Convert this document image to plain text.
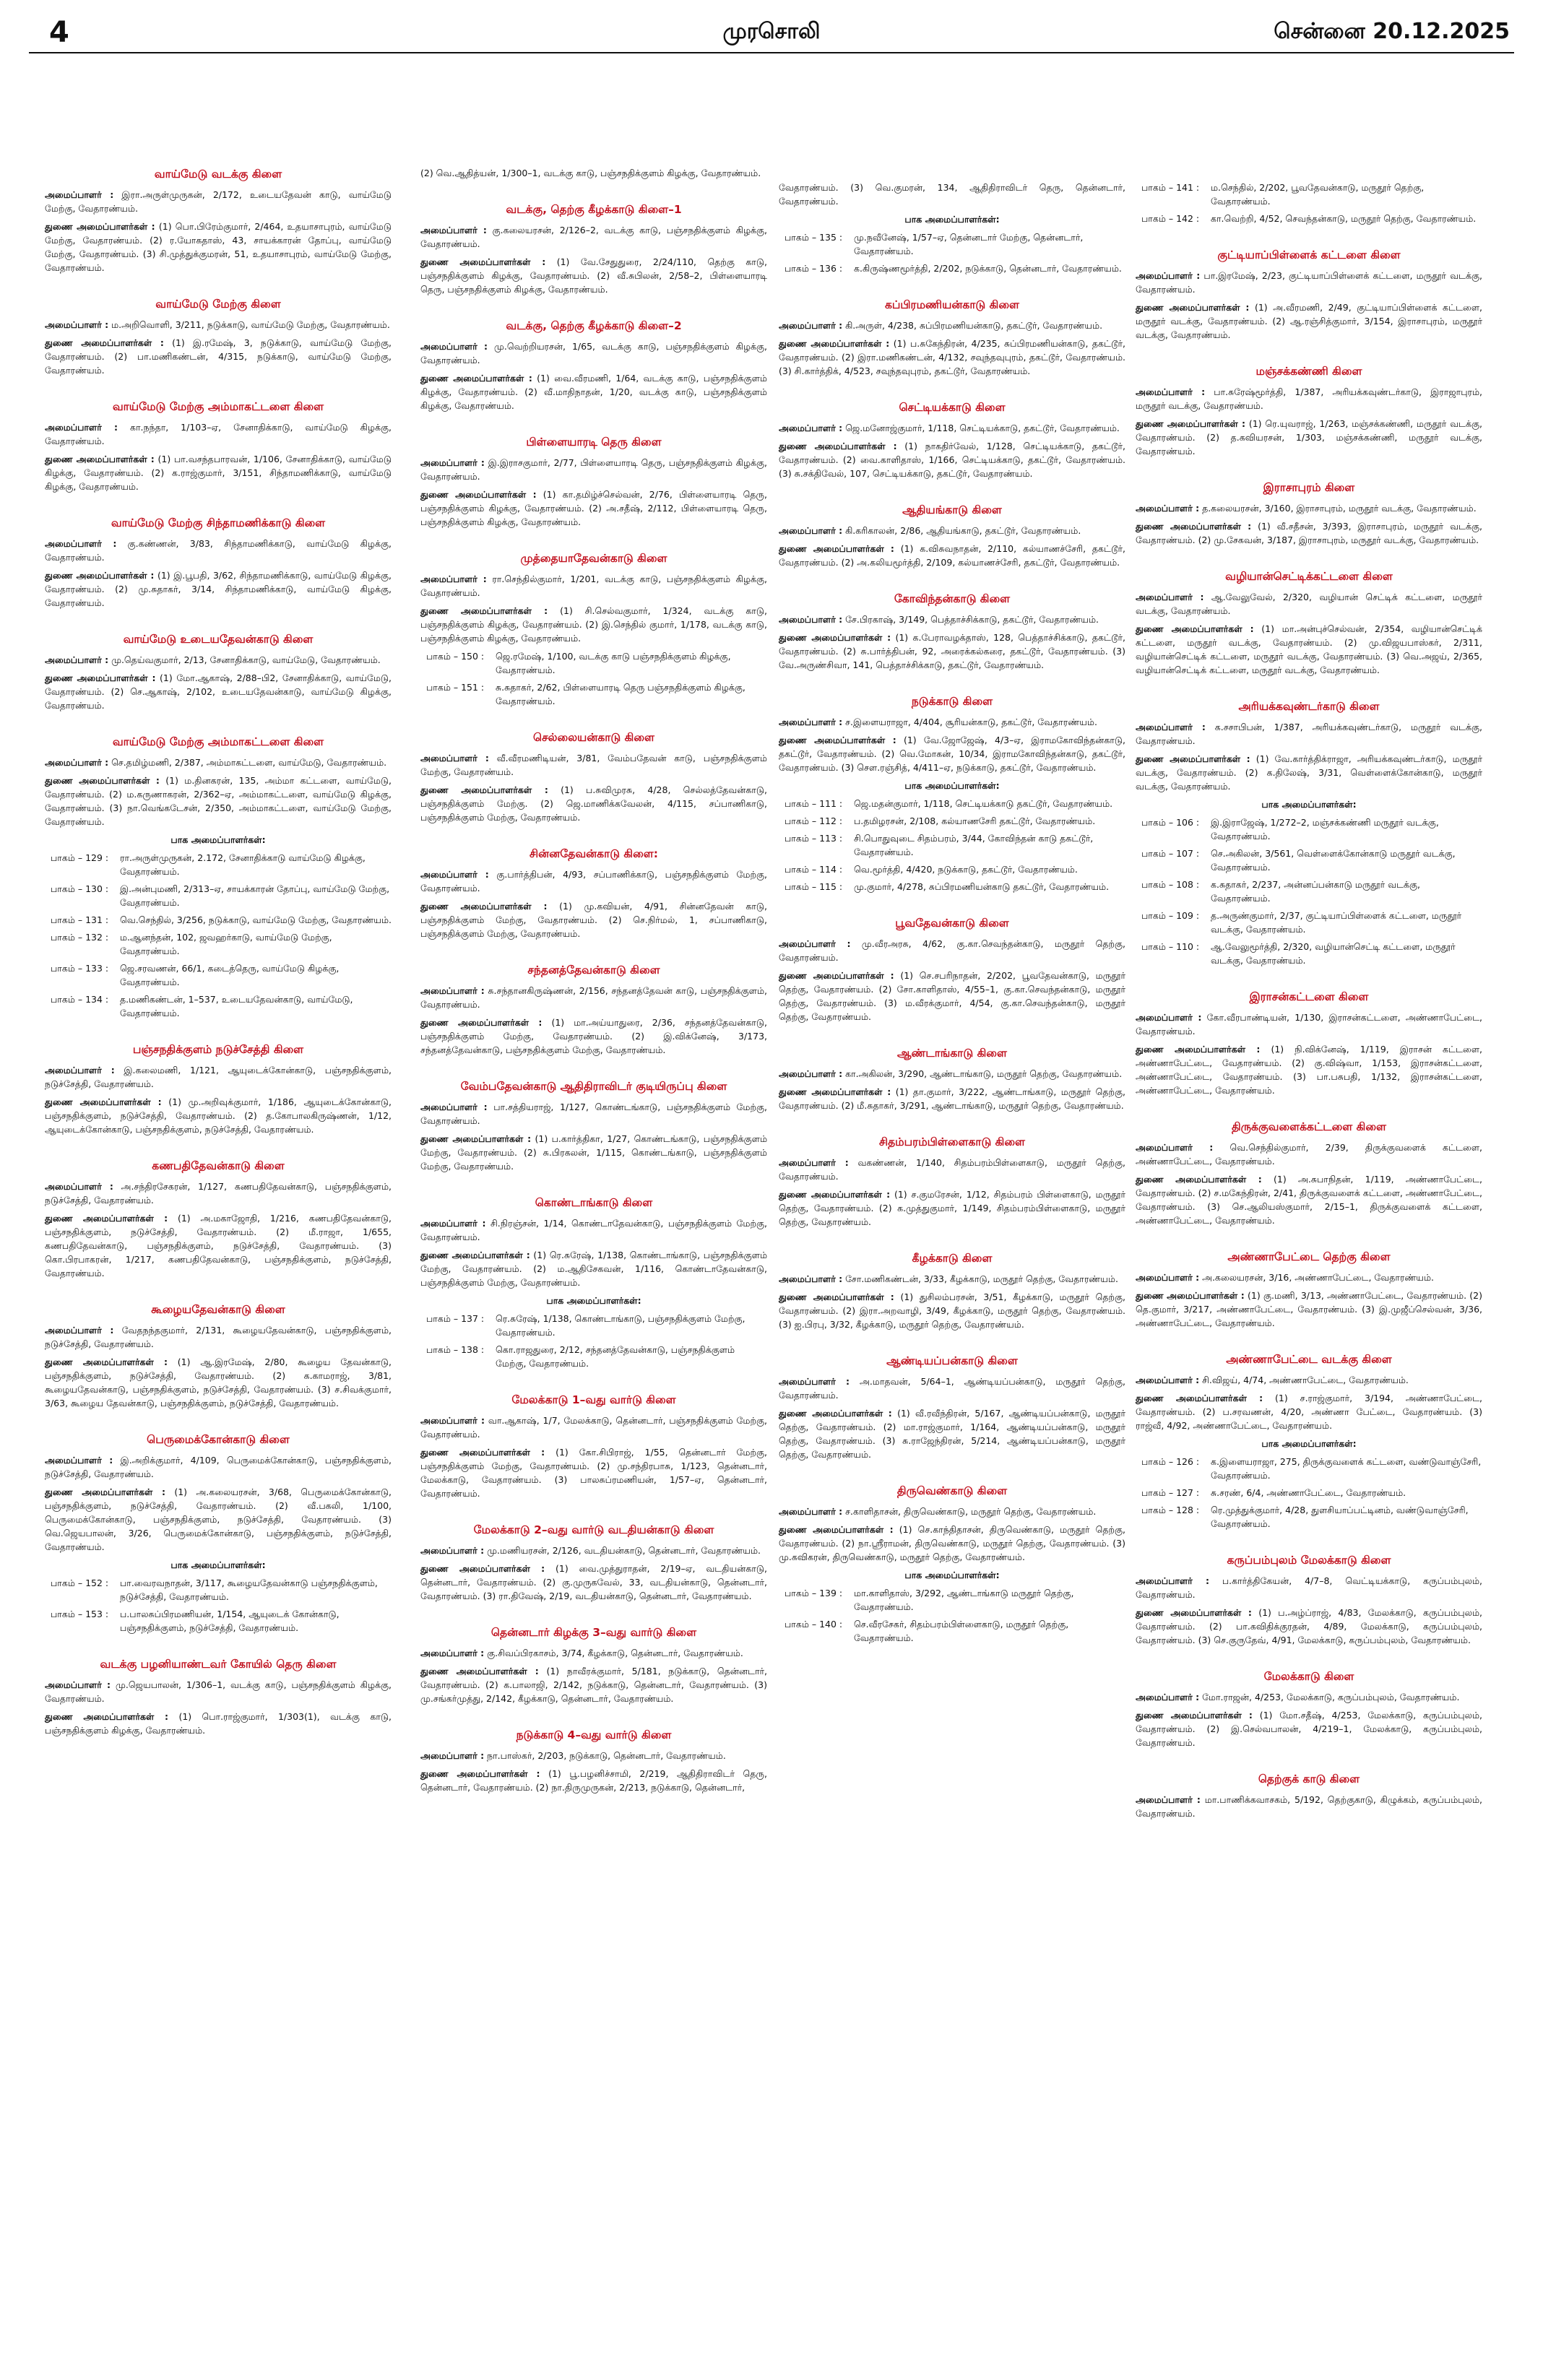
4	முரசொலி	சென்னை 20.12.2025
வாய்மேடு வடக்கு கிளை

அமைப்பாளர் : இரா.அருள்முருகன், 2/172, உடையதேவன் காடு, வாய்மேடு மேற்கு, வேதாரண்யம்.

துணை அமைப்பாளர்கள் : (1) பொ.பிரேம்குமார், 2/464, உதயாசாபுரம், வாய்மேடு மேற்கு, வேதாரண்யம். (2) ர.யோகதாஸ், 43, சாயக்காரன் தோப்பு, வாய்மேடு மேற்கு, வேதாரண்யம். (3) சி.முத்துக்குமரன், 51, உதயாசாபுரம், வாய்மேடு மேற்கு, வேதாரண்யம்.

வாய்மேடு மேற்கு கிளை

அமைப்பாளர் : ம.அறிவொளி, 3/211, நடுக்காடு, வாய்மேடு மேற்கு, வேதாரண்யம்.

துணை அமைப்பாளர்கள் : (1) இ.ரமேஷ், 3, நடுக்காடு, வாய்மேடு மேற்கு, வேதாரண்யம். (2) பா.மணிகண்டன், 4/315, நடுக்காடு, வாய்மேடு மேற்கு, வேதாரண்யம்.

வாய்மேடு மேற்கு அம்மாகட்டளை கிளை

அமைப்பாளர் : கா.நந்தா, 1/103–ஏ, சேனாதிக்காடு, வாய்மேடு கிழக்கு, வேதாரண்யம்.

துணை அமைப்பாளர்கள் : (1) பா.வசந்தபாரவன், 1/106, சேனாதிக்காடு, வாய்மேடு கிழக்கு, வேதாரண்யம். (2) க.ராஜ்குமார், 3/151, சிந்தாமணிக்காடு, வாய்மேடு கிழக்கு, வேதாரண்யம்.

வாய்மேடு மேற்கு சிந்தாமணிக்காடு கிளை

அமைப்பாளர் : கு.கண்ணன், 3/83, சிந்தாமணிக்காடு, வாய்மேடு கிழக்கு, வேதாரண்யம்.

துணை அமைப்பாளர்கள் : (1) இ.பூபதி, 3/62, சிந்தாமணிக்காடு, வாய்மேடு கிழக்கு, வேதாரண்யம். (2) மு.சுதாகர், 3/14, சிந்தாமணிக்காடு, வாய்மேடு கிழக்கு, வேதாரண்யம்.

வாய்மேடு உடையதேவன்காடு கிளை

அமைப்பாளர் : மு.தெய்வகுமார், 2/13, சேனாதிக்காடு, வாய்மேடு, வேதாரண்யம்.

துணை அமைப்பாளர்கள் : (1) மோ.ஆகாஷ், 2/88–பி2, சேனாதிக்காடு, வாய்மேடு, வேதாரண்யம். (2) செ.ஆகாஷ், 2/102, உடையதேவன்காடு, வாய்மேடு கிழக்கு, வேதாரண்யம்.

வாய்மேடு மேற்கு அம்மாகட்டளை கிளை

அமைப்பாளர் : செ.தமிழ்மணி, 2/387, அம்மாகட்டளை, வாய்மேடு, வேதாரண்யம்.

துணை அமைப்பாளர்கள் : (1) ம.தினகரன், 135, அம்மா கட்டளை, வாய்மேடு, வேதாரண்யம். (2) ம.கருணாகரன், 2/362–ஏ, அம்மாகட்டளை, வாய்மேடு கிழக்கு, வேதாரண்யம். (3) நா.வெங்கடேசன், 2/350, அம்மாகட்டளை, வாய்மேடு மேற்கு, வேதாரண்யம்.

பாக அமைப்பாளர்கள்:
பாகம் – 129 :	ரா.அருள்முருகன், 2.172, சேனாதிக்காடு வாய்மேடு கிழக்கு, வேதாரண்யம்.
பாகம் – 130 :	இ.அன்புமணி, 2/313–ஏ, சாயக்காரன் தோப்பு, வாய்மேடு மேற்கு, வேதாரண்யம்.
பாகம் – 131 :	வெ.செந்தில், 3/256, நடுக்காடு, வாய்மேடு மேற்கு, வேதாரண்யம்.
பாகம் – 132 :	ம.ஆனந்தன், 102, ஜவஹர்காடு, வாய்மேடு மேற்கு, வேதாரண்யம்.
பாகம் – 133 :	ஜெ.சரவணன், 66/1, கடைத்தெரு, வாய்மேடு கிழக்கு, வேதாரண்யம்.
பாகம் – 134 :	த.மணிகண்டன், 1–537, உடையதேவன்காடு, வாய்மேடு, வேதாரண்யம்.
பஞ்சநதிக்குளம் நடுச்சேத்தி கிளை

அமைப்பாளர் : இ.கலைமணி, 1/121, ஆயுடைக்கோன்காடு, பஞ்சநதிக்குளம், நடுச்சேத்தி, வேதாரண்யம்.

துணை அமைப்பாளர்கள் : (1) மு.அறிவுக்குமார், 1/186, ஆயுடைக்கோன்காடு, பஞ்சநதிக்குளம், நடுச்சேத்தி, வேதாரண்யம். (2) த.கோபாலகிருஷ்ணன், 1/12, ஆயுடைக்கோன்காடு, பஞ்சநதிக்குளம், நடுச்சேத்தி, வேதாரண்யம்.

கணபதிதேவன்காடு கிளை

அமைப்பாளர் : அ.சந்திரசேகரன், 1/127, கணபதிதேவன்காடு, பஞ்சநதிக்குளம், நடுச்சேத்தி, வேதாரண்யம்.

துணை அமைப்பாளர்கள் : (1) அ.மகாஜோதி, 1/216, கணபதிதேவன்காடு, பஞ்சநதிக்குளம், நடுச்சேத்தி, வேதாரண்யம். (2) மீ.ராஜா, 1/655, கணபதிதேவன்காடு, பஞ்சநதிக்குளம், நடுச்சேத்தி, வேதாரண்யம். (3) கொ.பிரபாகரன், 1/217, கணபதிதேவன்காடு, பஞ்சநதிக்குளம், நடுச்சேத்தி, வேதாரண்யம்.

கூழையதேவன்காடு கிளை

அமைப்பாளர் : வேதநந்தகுமார், 2/131, கூழையதேவன்காடு, பஞ்சநதிக்குளம், நடுச்சேத்தி, வேதாரண்யம்.

துணை அமைப்பாளர்கள் : (1) ஆ.இரமேஷ், 2/80, கூழைய தேவன்காடு, பஞ்சநதிக்குளம், நடுச்சேத்தி, வேதாரண்யம். (2) க.காமராஜ், 3/81, கூழையதேவன்காடு, பஞ்சநதிக்குளம், நடுச்சேத்தி, வேதாரண்யம். (3) ச.சிவக்குமார், 3/63, கூழைய தேவன்காடு, பஞ்சநதிக்குளம், நடுச்சேத்தி, வேதாரண்யம்.

பெருமைக்கோன்காடு கிளை

அமைப்பாளர் : இ.அறிக்குமார், 4/109, பெருமைக்கோன்காடு, பஞ்சநதிக்குளம், நடுச்சேத்தி, வேதாரண்யம்.

துணை அமைப்பாளர்கள் : (1) அ.கலையரசன், 3/68, பெருமைக்கோன்காடு, பஞ்சநதிக்குளம், நடுச்சேத்தி, வேதாரண்யம். (2) வீ.பகலி, 1/100, பெருமைக்கோன்காடு, பஞ்சநதிக்குளம், நடுச்சேத்தி, வேதாரண்யம். (3) வெ.ஜெயபாலன், 3/26, பெருமைக்கோன்காடு, பஞ்சநதிக்குளம், நடுச்சேத்தி, வேதாரண்யம்.

பாக அமைப்பாளர்கள்:
பாகம் – 152 :	பா.வைரவநாதன், 3/117, கூழையதேவன்காடு பஞ்சநதிக்குளம், நடுச்சேத்தி, வேதாரண்யம்.
பாகம் – 153 :	ப.பாலசுப்பிரமணியன், 1/154, ஆயுடைக் கோன்காடு, பஞ்சநதிக்குளம், நடுச்சேத்தி, வேதாரண்யம்.
வடக்கு பழனியாண்டவர் கோயில் தெரு கிளை

அமைப்பாளர் : மு.ஜெயபாலன், 1/306–1, வடக்கு காடு, பஞ்சநதிக்குளம் கிழக்கு, வேதாரண்யம்.

துணை அமைப்பாளர்கள் : (1) பொ.ராஜ்குமார், 1/303(1), வடக்கு காடு, பஞ்சநதிக்குளம் கிழக்கு, வேதாரண்யம்.

(2) வெ.ஆதித்யன், 1/300–1, வடக்கு காடு, பஞ்சநதிக்குளம் கிழக்கு, வேதாரண்யம்.

வடக்கு, தெற்கு கீழக்காடு கிளை–1

அமைப்பாளர் : கு.கலையரசன், 2/126–2, வடக்கு காடு, பஞ்சநதிக்குளம் கிழக்கு, வேதாரண்யம்.

துணை அமைப்பாளர்கள் : (1) வே.சேதுதுரை, 2/24/110, தெற்கு காடு, பஞ்சநதிக்குளம் கிழக்கு, வேதாரண்யம். (2) வீ.சுபிலன், 2/58–2, பிள்ளையாரடி தெரு, பஞ்சநதிக்குளம் கிழக்கு, வேதாரண்யம்.

வடக்கு, தெற்கு கீழக்காடு கிளை–2

அமைப்பாளர் : மு.வெற்றியரசன், 1/65, வடக்கு காடு, பஞ்சநதிக்குளம் கிழக்கு, வேதாரண்யம்.

துணை அமைப்பாளர்கள் : (1) வை.வீரமணி, 1/64, வடக்கு காடு, பஞ்சநதிக்குளம் கிழக்கு, வேதாரண்யம். (2) வீ.மாதிநாதன், 1/20, வடக்கு காடு, பஞ்சநதிக்குளம் கிழக்கு, வேதாரண்யம்.

பிள்ளையாரடி தெரு கிளை

அமைப்பாளர் : இ.இராசகுமார், 2/77, பிள்ளையாரடி தெரு, பஞ்சநதிக்குளம் கிழக்கு, வேதாரண்யம்.

துணை அமைப்பாளர்கள் : (1) கா.தமிழ்ச்செல்வன், 2/76, பிள்ளையாரடி தெரு, பஞ்சநதிக்குளம் கிழக்கு, வேதாரண்யம். (2) அ.சதீஷ், 2/112, பிள்ளையாரடி தெரு, பஞ்சநதிக்குளம் கிழக்கு, வேதாரண்யம்.

முத்தையாதேவன்காடு கிளை

அமைப்பாளர் : ரா.செந்தில்குமார், 1/201, வடக்கு காடு, பஞ்சநதிக்குளம் கிழக்கு, வேதாரண்யம்.

துணை அமைப்பாளர்கள் : (1) சி.செல்வகுமார், 1/324, வடக்கு காடு, பஞ்சநதிக்குளம் கிழக்கு, வேதாரண்யம். (2) இ.செந்தில் குமார், 1/178, வடக்கு காடு, பஞ்சநதிக்குளம் கிழக்கு, வேதாரண்யம்.

பாகம் – 150 :	ஜெ.ரமேஷ், 1/100, வடக்கு காடு பஞ்சநதிக்குளம் கிழக்கு, வேதாரண்யம்.
பாகம் – 151 :	சு.சுதாகர், 2/62, பிள்ளையாரடி தெரு பஞ்சநதிக்குளம் கிழக்கு, வேதாரண்யம்.
செல்லையன்காடு கிளை

அமைப்பாளர் : வீ.வீரமணிடியன், 3/81, வேம்பதேவன் காடு, பஞ்சநதிக்குளம் மேற்கு, வேதாரண்யம்.

துணை அமைப்பாளர்கள் : (1) ப.சுவிமுரசு, 4/28, செல்லத்தேவன்காடு, பஞ்சநதிக்குளம் மேற்கு. (2) ஜெ.மாணிக்கவேலன், 4/115, சப்பாணிகாடு, பஞ்சநதிக்குளம் மேற்கு, வேதாரண்யம்.

சின்னதேவன்காடு கிளை:

அமைப்பாளர் : கு.பார்த்திபன், 4/93, சப்பாணிக்காடு, பஞ்சநதிக்குளம் மேற்கு, வேதாரண்யம்.

துணை அமைப்பாளர்கள் : (1) மு.கவியன், 4/91, சின்னதேவன் காடு, பஞ்சநதிக்குளம் மேற்கு, வேதாரண்யம். (2) செ.நிர்மல், 1, சப்பாணிகாடு, பஞ்சநதிக்குளம் மேற்கு, வேதாரண்யம்.

சந்தனத்தேவன்காடு கிளை

அமைப்பாளர் : சு.சந்தானகிருஷ்ணன், 2/156, சந்தனத்தேவன் காடு, பஞ்சநதிக்குளம், வேதாரண்யம்.

துணை அமைப்பாளர்கள் : (1) மா.அய்யாதுரை, 2/36, சந்தனத்தேவன்காடு, பஞ்சநதிக்குளம் மேற்கு, வேதாரண்யம். (2) இ.விக்னேஷ், 3/173, சந்தனத்தேவன்காடு, பஞ்சநதிக்குளம் மேற்கு, வேதாரண்யம்.

வேம்பதேவன்காடு ஆதிதிராவிடர் குடியிருப்பு கிளை

அமைப்பாளர் : பா.சத்தியராஜ், 1/127, கொண்டங்காடு, பஞ்சநதிக்குளம் மேற்கு, வேதாரண்யம்.

துணை அமைப்பாளர்கள் : (1) ப.கார்த்திகா, 1/27, கொண்டங்காடு, பஞ்சநதிக்குளம் மேற்கு, வேதாரண்யம். (2) சு.பிரகலன், 1/115, கொண்டங்காடு, பஞ்சநதிக்குளம் மேற்கு, வேதாரண்யம்.

கொண்டாங்காடு கிளை

அமைப்பாளர் : சி.நிரஞ்சன், 1/14, கொண்டாதேவன்காடு, பஞ்சநதிக்குளம் மேற்கு, வேதாரண்யம்.

துணை அமைப்பாளர்கள் : (1) ரெ.சுரேஷ், 1/138, கொண்டாங்காடு, பஞ்சநதிக்குளம் மேற்கு, வேதாரண்யம். (2) ம.ஆதிசேகவன், 1/116, கொண்டாதேவன்காடு, பஞ்சநதிக்குளம் மேற்கு, வேதாரண்யம்.

பாக அமைப்பாளர்கள்:
பாகம் – 137 :	ரெ.சுரேஷ், 1/138, கொண்டாங்காடு, பஞ்சநதிக்குளம் மேற்கு, வேதாரண்யம்.
பாகம் – 138 :	கொ.ராஜதுரை, 2/12, சந்தனத்தேவன்காடு, பஞ்சநதிக்குளம் மேற்கு, வேதாரண்யம்.
மேலக்காடு 1–வது வார்டு கிளை

அமைப்பாளர் : வா.ஆகாஷ், 1/7, மேலக்காடு, தென்னடார், பஞ்சநதிக்குளம் மேற்கு, வேதாரண்யம்.

துணை அமைப்பாளர்கள் : (1) கோ.சிபிராஜ், 1/55, தென்னடார் மேற்கு, பஞ்சநதிக்குளம் மேற்கு, வேதாரண்யம். (2) மு.சந்திரபாசு, 1/123, தென்னடார், மேலக்காடு, வேதாரண்யம். (3) பாலசுப்ரமணியன், 1/57–ஏ, தென்னடார், வேதாரண்யம்.

மேலக்காடு 2–வது வார்டு வடதியன்காடு கிளை

அமைப்பாளர் : மு.மணியரசன், 2/126, வடதியன்காடு, தென்னடார், வேதாரண்யம்.

துணை அமைப்பாளர்கள் : (1) வை.முத்துராதன், 2/19–ஏ, வடதியன்காடு, தென்னடார், வேதாரண்யம். (2) கு.முருகவேல், 33, வடதியன்காடு, தென்னடார், வேதாரண்யம். (3) ரா.திவேஷ், 2/19, வடதியன்காடு, தென்னடார், வேதாரண்யம்.

தென்னடார் கிழக்கு 3–வது வார்டு கிளை

அமைப்பாளர் : கு.சிவப்பிரகாசம், 3/74, கீழக்காடு, தென்னடார், வேதாரண்யம்.

துணை அமைப்பாளர்கள் : (1) நாவீரக்குமார், 5/181, நடுக்காடு, தென்னடார், வேதாரண்யம். (2) க.பாலாஜி, 2/142, நடுக்காடு, தென்னடார், வேதாரண்யம். (3) மு.சங்கர்முத்து, 2/142, கீழக்காடு, தென்னடார், வேதாரண்யம்.

நடுக்காடு 4–வது வார்டு கிளை

அமைப்பாளர் : நா.பாஸ்கர், 2/203, நடுக்காடு, தென்னடார், வேதாரண்யம்.

துணை அமைப்பாளர்கள் : (1) பூ.பழனிச்சாமி, 2/219, ஆதிதிராவிடர் தெரு, தென்னடார், வேதாரண்யம். (2) நா.திருமுருகன், 2/213, நடுக்காடு, தென்னடார்,

வேதாரண்யம். (3) வெ.குமரன், 134, ஆதிதிராவிடர் தெரு, தென்னடார், வேதாரண்யம்.

பாக அமைப்பாளர்கள்:
பாகம் – 135 :	மு.நவீனேஷ், 1/57–ஏ, தென்னடார் மேற்கு, தென்னடார், வேதாரண்யம்.
பாகம் – 136 :	க.கிருஷ்ணமூர்த்தி, 2/202, நடுக்காடு, தென்னடார், வேதாரண்யம்.
கப்பிரமணியன்காடு கிளை

அமைப்பாளர் : கி.அருள், 4/238, சுப்பிரமணியன்காடு, தகட்டூர், வேதாரண்யம்.

துணை அமைப்பாளர்கள் : (1) ப.சுகேந்திரன், 4/235, சுப்பிரமணியன்காடு, தகட்டூர், வேதாரண்யம். (2) இரா.மணிகண்டன், 4/132, சவுந்தவுபுரம், தகட்டூர், வேதாரண்யம். (3) சி.கார்த்திக், 4/523, சவுந்தவுபுரம், தகட்டூர், வேதாரண்யம்.

செட்டியக்காடு கிளை

அமைப்பாளர் : ஜெ.மனோஜ்குமார், 1/118, செட்டியக்காடு, தகட்டூர், வேதாரண்யம்.

துணை அமைப்பாளர்கள் : (1) நாகதிர்வேல், 1/128, செட்டியக்காடு, தகட்டூர், வேதாரண்யம். (2) வை.காளிதாஸ், 1/166, செட்டியக்காடு, தகட்டூர், வேதாரண்யம். (3) சு.சக்திவேல், 107, செட்டியக்காடு, தகட்டூர், வேதாரண்யம்.

ஆதியங்காடு கிளை

அமைப்பாளர் : கி.கரிகாலன், 2/86, ஆதியங்காடு, தகட்டூர், வேதாரண்யம்.

துணை அமைப்பாளர்கள் : (1) க.விசுவநாதன், 2/110, கல்யாணச்சேரி, தகட்டூர், வேதாரண்யம். (2) அ.கலியமூர்த்தி, 2/109, கல்யாணச்சேரி, தகட்டூர், வேதாரண்யம்.

கோவிந்தன்காடு கிளை

அமைப்பாளர் : சே.பிரகாஷ், 3/149, பெத்தாச்சிக்காடு, தகட்டூர், வேதாரண்யம்.

துணை அமைப்பாளர்கள் : (1) க.பேராவழக்தாஸ், 128, பெத்தாச்சிக்காடு, தகட்டூர், வேதாரண்யம். (2) சு.பார்த்திபன், 92, அரைக்கல்கரை, தகட்டூர், வேதாரண்யம். (3) வே.அருண்சிவா, 141, பெத்தாச்சிக்காடு, தகட்டூர், வேதாரண்யம்.

நடுக்காடு கிளை

அமைப்பாளர் : ச.இளையராஜா, 4/404, சூரியன்காடு, தகட்டூர், வேதாரண்யம்.

துணை அமைப்பாளர்கள் : (1) வே.ஜோஜேஷ், 4/3–ஏ, இராமகோவிந்தன்காடு, தகட்டூர், வேதாரண்யம். (2) வெ.மோகன், 10/34, இராமகோவிந்தன்காடு, தகட்டூர், வேதாரண்யம். (3) சௌ.ரஞ்சித், 4/411–ஏ, நடுக்காடு, தகட்டூர், வேதாரண்யம்.

பாக அமைப்பாளர்கள்:
பாகம் – 111 :	ஜெ.மதன்குமார், 1/118, செட்டியக்காடு தகட்டூர், வேதாரண்யம்.
பாகம் – 112 :	ப.தமிழரசன், 2/108, கல்யாணசேரி தகட்டூர், வேதாரண்யம்.
பாகம் – 113 :	சி.பொதுவுடை சிதம்பரம், 3/44, கோவிந்தன் காடு தகட்டூர், வேதாரண்யம்.
பாகம் – 114 :	வெ.மூர்த்தி, 4/420, நடுக்காடு, தகட்டூர், வேதாரண்யம்.
பாகம் – 115 :	மு.குமார், 4/278, சுப்பிரமணியன்காடு தகட்டூர், வேதாரண்யம்.
பூவதேவன்காடு கிளை

அமைப்பாளர் : மு.வீரஅரசு, 4/62, கு.கா.செவந்தன்காடு, மருதூர் தெற்கு, வேதாரண்யம்.

துணை அமைப்பாளர்கள் : (1) செ.சபரிநாதன், 2/202, பூவதேவன்காடு, மருதூர் தெற்கு, வேதாரண்யம். (2) சோ.காளிதாஸ், 4/55–1, கு.கா.செவந்தன்காடு, மருதூர் தெற்கு, வேதாரண்யம். (3) ம.வீரக்குமார், 4/54, கு.கா.செவந்தன்காடு, மருதூர் தெற்கு, வேதாரண்யம்.

ஆண்டாங்காடு கிளை

அமைப்பாளர் : கா.அகிலன், 3/290, ஆண்டாங்காடு, மருதூர் தெற்கு, வேதாரண்யம்.

துணை அமைப்பாளர்கள் : (1) தா.குமார், 3/222, ஆண்டாங்காடு, மருதூர் தெற்கு, வேதாரண்யம். (2) மீ.சுதாகர், 3/291, ஆண்டாங்காடு, மருதூர் தெற்கு, வேதாரண்யம்.

சிதம்பரம்பிள்ளைகாடு கிளை

அமைப்பாளர் : வகண்ணன், 1/140, சிதம்பரம்பிள்ளைகாடு, மருதூர் தெற்கு, வேதாரண்யம்.

துணை அமைப்பாளர்கள் : (1) ச.குமரேசன், 1/12, சிதம்பரம் பிள்ளைகாடு, மருதூர் தெற்கு, வேதாரண்யம். (2) க.முத்துகுமார், 1/149, சிதம்பரம்பிள்ளைகாடு, மருதூர் தெற்கு, வேதாரண்யம்.

கீழக்காடு கிளை

அமைப்பாளர் : சோ.மணிகண்டன், 3/33, கீழக்காடு, மருதூர் தெற்கு, வேதாரண்யம்.

துணை அமைப்பாளர்கள் : (1) துசிலம்பரசன், 3/51, கீழக்காடு, மருதூர் தெற்கு, வேதாரண்யம். (2) இரா.அறவாழி, 3/49, கீழக்காடு, மருதூர் தெற்கு, வேதாரண்யம். (3) ஐ.பிரபு, 3/32, கீழக்காடு, மருதூர் தெற்கு, வேதாரண்யம்.

ஆண்டியப்பன்காடு கிளை

அமைப்பாளர் : அ.மாதவன், 5/64–1, ஆண்டியப்பன்காடு, மருதூர் தெற்கு, வேதாரண்யம்.

துணை அமைப்பாளர்கள் : (1) வீ.ரவீந்திரன், 5/167, ஆண்டியப்பன்காடு, மருதூர் தெற்கு, வேதாரண்யம். (2) மா.ராஜ்குமார், 1/164, ஆண்டியப்பன்காடு, மருதூர் தெற்கு, வேதாரண்யம். (3) சு.ராஜேந்திரன், 5/214, ஆண்டியப்பன்காடு, மருதூர் தெற்கு, வேதாரண்யம்.

திருவெண்காடு கிளை

அமைப்பாளர் : ச.காளிதாசன், திருவெண்காடு, மருதூர் தெற்கு, வேதாரண்யம்.

துணை அமைப்பாளர்கள் : (1) செ.காந்திதாசன், திருவெண்காடு, மருதூர் தெற்கு, வேதாரண்யம். (2) நா.ஸ்ரீராமன், திருவெண்காடு, மருதூர் தெற்கு, வேதாரண்யம். (3) மு.கவிகரன், திருவெண்காடு, மருதூர் தெற்கு, வேதாரண்யம்.

பாக அமைப்பாளர்கள்:
பாகம் – 139 :	மா.காளிதாஸ், 3/292, ஆண்டாங்காடு மருதூர் தெற்கு, வேதாரண்யம்.
பாகம் – 140 :	செ.வீரசேகர், சிதம்பரம்பிள்ளைகாடு, மருதூர் தெற்கு, வேதாரண்யம்.
பாகம் – 141 :	ம.செந்தில், 2/202, பூவதேவன்காடு, மருதூர் தெற்கு, வேதாரண்யம்.
பாகம் – 142 :	கா.வெற்றி, 4/52, செவந்தன்காடு, மருதூர் தெற்கு, வேதாரண்யம்.
குட்டியாப்பிள்ளைக் கட்டளை கிளை

அமைப்பாளர் : பா.இரமேஷ், 2/23, குட்டியாப்பிள்ளைக் கட்டளை, மருதூர் வடக்கு, வேதாரண்யம்.

துணை அமைப்பாளர்கள் : (1) அ.வீரமணி, 2/49, குட்டியாப்பிள்ளைக் கட்டளை, மருதூர் வடக்கு, வேதாரண்யம். (2) ஆ.ரஞ்சித்குமார், 3/154, இராசாபுரம், மருதூர் வடக்கு, வேதாரண்யம்.

மஞ்சக்கண்ணி கிளை

அமைப்பாளர் : பா.சுரேஷ்மூர்த்தி, 1/387, அரியக்கவுண்டர்காடு, இராஜாபுரம், மருதூர் வடக்கு, வேதாரண்யம்.

துணை அமைப்பாளர்கள் : (1) ரெ.யுவராஜ், 1/263, மஞ்சக்கண்ணி, மருதூர் வடக்கு, வேதாரண்யம். (2) த.கவியரசன், 1/303, மஞ்சக்கண்ணி, மருதூர் வடக்கு, வேதாரண்யம்.

இராசாபுரம் கிளை

அமைப்பாளர் : த.கலையரசன், 3/160, இராசாபுரம், மருதூர் வடக்கு, வேதாரண்யம்.

துணை அமைப்பாளர்கள் : (1) வீ.சதீசன், 3/393, இராசாபுரம், மருதூர் வடக்கு, வேதாரண்யம். (2) மு.சேகவன், 3/187, இராசாபுரம், மருதூர் வடக்கு, வேதாரண்யம்.

வழியான்செட்டிக்கட்டளை கிளை

அமைப்பாளர் : ஆ.வேலுவேல், 2/320, வழியான் செட்டிக் கட்டளை, மருதூர் வடக்கு, வேதாரண்யம்.

துணை அமைப்பாளர்கள் : (1) மா.அன்புச்செல்வன், 2/354, வழியான்செட்டிக் கட்டளை, மருதூர் வடக்கு, வேதாரண்யம். (2) மு.விஜயபாஸ்கர், 2/311, வழியான்செட்டிக் கட்டளை, மருதூர் வடக்கு, வேதாரண்யம். (3) வெ.அஜய், 2/365, வழியான்செட்டிக் கட்டளை, மருதூர் வடக்கு, வேதாரண்யம்.

அரியக்கவுண்டர்காடு கிளை

அமைப்பாளர் : க.சசாபிபன், 1/387, அரியக்கவுண்டர்காடு, மருதூர் வடக்கு, வேதாரண்யம்.

துணை அமைப்பாளர்கள் : (1) வே.கார்த்திக்ராஜா, அரியக்கவுண்டர்காடு, மருதூர் வடக்கு, வேதாரண்யம். (2) க.திலேஷ், 3/31, வெள்ளைக்கோன்காடு, மருதூர் வடக்கு, வேதாரண்யம்.

பாக அமைப்பாளர்கள்:
பாகம் – 106 :	இ.இராஜேஷ், 1/272–2, மஞ்சக்கண்ணி மருதூர் வடக்கு, வேதாரண்யம்.
பாகம் – 107 :	செ.அகிலன், 3/561, வெள்ளைக்கோன்காடு மருதூர் வடக்கு, வேதாரண்யம்.
பாகம் – 108 :	க.சுதாகர், 2/237, அன்னப்பன்காடு மருதூர் வடக்கு, வேதாரண்யம்.
பாகம் – 109 :	த.அருண்குமார், 2/37, குட்டியாப்பிள்ளைக் கட்டளை, மருதூர் வடக்கு, வேதாரண்யம்.
பாகம் – 110 :	ஆ.வேலுமூர்த்தி, 2/320, வழியான்செட்டி கட்டளை, மருதூர் வடக்கு, வேதாரண்யம்.
இராசன்கட்டளை கிளை

அமைப்பாளர் : கோ.வீரபாண்டியன், 1/130, இராசன்கட்டளை, அண்ணாபேட்டை, வேதாரண்யம்.

துணை அமைப்பாளர்கள் : (1) நி.விக்னேஷ், 1/119, இராசன் கட்டளை, அண்ணாபேட்டை, வேதாரண்யம். (2) கு.விஷ்வா, 1/153, இராசன்கட்டளை, அண்ணாபேட்டை, வேதாரண்யம். (3) பா.பசுபதி, 1/132, இராசன்கட்டளை, அண்ணாபேட்டை, வேதாரண்யம்.

திருக்குவளைக்கட்டளை கிளை

அமைப்பாளர் : வெ.செந்தில்குமார், 2/39, திருக்குவளைக் கட்டளை, அண்ணாபேட்டை, வேதாரண்யம்.

துணை அமைப்பாளர்கள் : (1) அ.சுபாநிதன், 1/119, அண்ணாபேட்டை, வேதாரண்யம். (2) ச.மகேந்திரன், 2/41, திருக்குவளைக் கட்டளை, அண்ணாபேட்டை, வேதாரண்யம். (3) செ.ஆலியஸ்குமார், 2/15–1, திருக்குவளைக் கட்டளை, அண்ணாபேட்டை, வேதாரண்யம்.

அண்ணாபேட்டை தெற்கு கிளை

அமைப்பாளர் : அ.கலையரசன், 3/16, அண்ணாபேட்டை, வேதாரண்யம்.

துணை அமைப்பாளர்கள் : (1) கு.மணி, 3/13, அண்ணாபேட்டை, வேதாரண்யம். (2) தெ.குமார், 3/217, அண்ணாபேட்டை, வேதாரண்யம். (3) இ.முஜீப்செல்வன், 3/36, அண்ணாபேட்டை, வேதாரண்யம்.

அண்ணாபேட்டை வடக்கு கிளை

அமைப்பாளர் : சி.விஜய், 4/74, அண்ணாபேட்டை, வேதாரண்யம்.

துணை அமைப்பாளர்கள் : (1) ச.ராஜ்குமார், 3/194, அண்ணாபேட்டை, வேதாரண்யம். (2) ப.சரவணன், 4/20, அண்ணா பேட்டை, வேதாரண்யம். (3) ராஜ்வீ, 4/92, அண்ணாபேட்டை, வேதாரண்யம்.

பாக அமைப்பாளர்கள்:
பாகம் – 126 :	க.இளையராஜா, 275, திருக்குவளைக் கட்டளை, வண்டுவாஞ்சேரி, வேதாரண்யம்.
பாகம் – 127 :	சு.சரண், 6/4, அண்ணாபேட்டை, வேதாரண்யம்.
பாகம் – 128 :	ரெ.முத்துக்குமார், 4/28, துளசியாப்பட்டினம், வண்டுவாஞ்சேரி, வேதாரண்யம்.
கருப்பம்புலம் மேலக்காடு கிளை

அமைப்பாளர் : ப.கார்த்திகேயன், 4/7–8, வெட்டியக்காடு, கருப்பம்புலம், வேதாரண்யம்.

துணை அமைப்பாளர்கள் : (1) ப.அழ்ப்ராஜ், 4/83, மேலக்காடு, கருப்பம்புலம், வேதாரண்யம். (2) பா.கவிதிக்குரதன், 4/89, மேலக்காடு, கருப்பம்புலம், வேதாரண்யம். (3) செ.குருதேவ், 4/91, மேலக்காடு, கருப்பம்புலம், வேதாரண்யம்.

மேலக்காடு கிளை

அமைப்பாளர் : மோ.ராஜன், 4/253, மேலக்காடு, கருப்பம்புலம், வேதாரண்யம்.

துணை அமைப்பாளர்கள் : (1) மோ.சதீஷ், 4/253, மேலக்காடு, கருப்பம்புலம், வேதாரண்யம். (2) இ.செல்வபாலன், 4/219–1, மேலக்காடு, கருப்பம்புலம், வேதாரண்யம்.

தெற்குக் காடு கிளை

அமைப்பாளர் : மா.பாணிக்கவாசகம், 5/192, தெற்குகாடு, கிழுக்கம், கருப்பம்புலம், வேதாரண்யம்.
